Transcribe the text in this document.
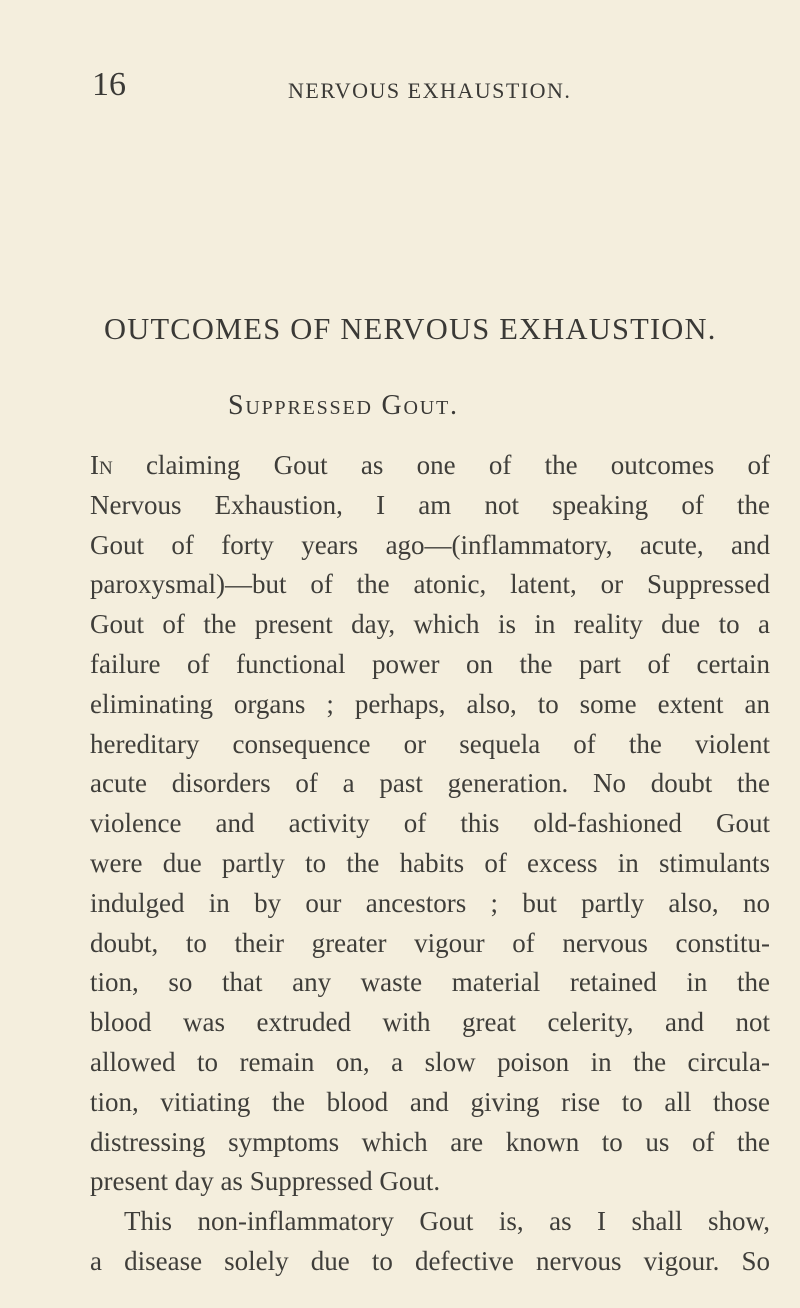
16	NERVOUS EXHAUSTION.
OUTCOMES OF NERVOUS EXHAUSTION.
Suppressed Gout.
In claiming Gout as one of the outcomes of
Nervous Exhaustion, I am not speaking of the
Gout of forty years ago—(inflammatory, acute, and
paroxysmal)—but of the atonic, latent, or Suppressed
Gout of the present day, which is in reality due to a
failure of functional power on the part of certain
eliminating organs ; perhaps, also, to some extent an
hereditary consequence or sequela of the violent
acute disorders of a past generation. No doubt the
violence and activity of this old-fashioned Gout
were due partly to the habits of excess in stimulants
indulged in by our ancestors ; but partly also, no
doubt, to their greater vigour of nervous constitu-
tion, so that any waste material retained in the
blood was extruded with great celerity, and not
allowed to remain on, a slow poison in the circula-
tion, vitiating the blood and giving rise to all those
distressing symptoms which are known to us of the
present day as Suppressed Gout.
This non-inflammatory Gout is, as I shall show,
a disease solely due to defective nervous vigour. So
